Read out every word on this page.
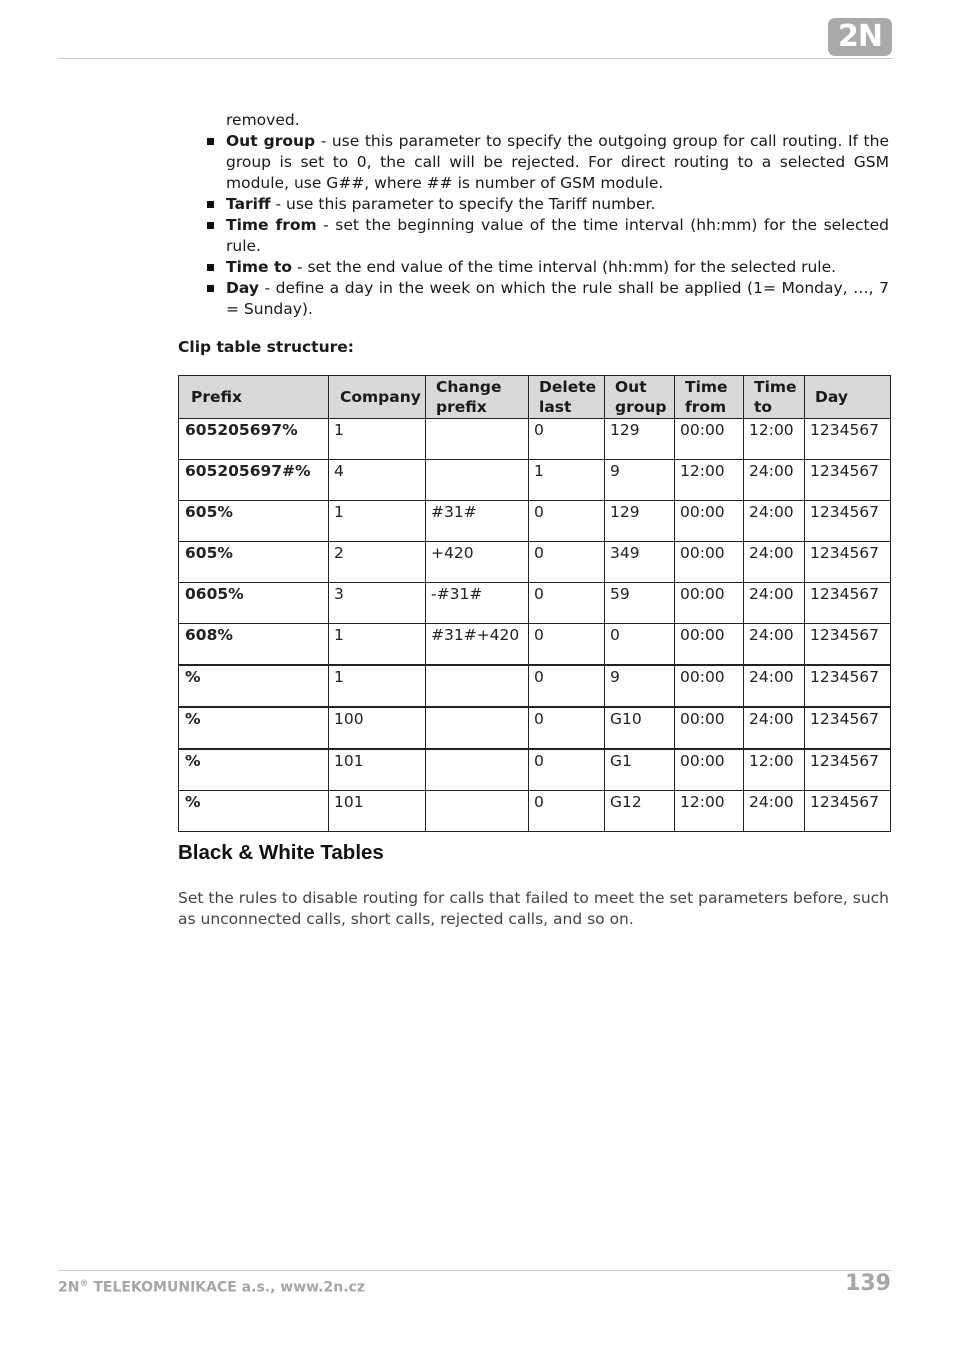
2N

removed.

Out group - use this parameter to specify the outgoing group for call routing. If the group is set to 0, the call will be rejected. For direct routing to a selected GSM module, use G##, where ## is number of GSM module.
Tariff - use this parameter to specify the Tariff number.
Time from - set the beginning value of the time interval (hh:mm) for the selected rule.
Time to - set the end value of the time interval (hh:mm) for the selected rule.
Day - define a day in the week on which the rule shall be applied (1= Monday, …, 7 = Sunday).

Clip table structure:

Prefix	Company	Change prefix	Delete last	Out group	Time from	Time to	Day
605205697%	1		0	129	00:00	12:00	1234567
605205697#%	4		1	9	12:00	24:00	1234567
605%	1	#31#	0	129	00:00	24:00	1234567
605%	2	+420	0	349	00:00	24:00	1234567
0605%	3	-#31#	0	59	00:00	24:00	1234567
608%	1	#31#+420	0	0	00:00	24:00	1234567
%	1		0	9	00:00	24:00	1234567
%	100		0	G10	00:00	24:00	1234567
%	101		0	G1	00:00	12:00	1234567
%	101		0	G12	12:00	24:00	1234567
Black & White Tables

Set the rules to disable routing for calls that failed to meet the set parameters before, such as unconnected calls, short calls, rejected calls, and so on.

2N® TELEKOMUNIKACE a.s., www.2n.cz	139
